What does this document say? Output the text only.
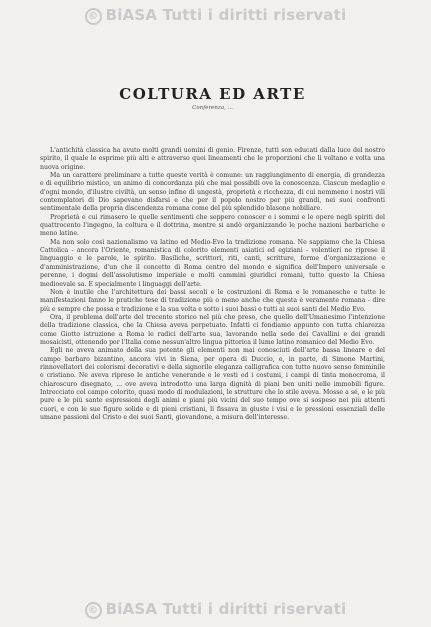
© BiASA Tutti i diritti riservati
COLTURA ED ARTE
Conferenza, ...

L'antichità classica ha avuto molti grandi uomini di genio. Firenze, tutti son educati dalla luce del nostro spirito, il quale le esprime più alti e attraverso quei lineamenti che le proporzioni che li voltano e volta una nuova origine.

Ma un carattere preliminare a tutte queste verità è comune: un raggiungimento di energia, di grandezza e di equilibrio mistico, un animo di concordanza più che mai possibili ove la conoscenza. Ciascun medaglio e d'ogni mondo, d'ilustre civiltà, un senso infine di ungestà, proprietà e ricchezza, di cui nemmeno i nostri vili contemplatori di Dio sapevano disfarsi e che per il popolo nostro per più grandi, nei suoi confronti sentimentale della propria discendenza romana come del più splendido blasone nobiliare.

Proprietà e cui rimasero le quelle sentimenti che seppero conoscer e i sommi e le opere negli spiriti del quattrocento l'ingegno, la coltura e il dottrina, mentre si andò organizzando le poche nazioni barbariche e meno latine.

Ma non solo così nazionalismo va latino ed Medio-Evo la tradizione romana. Ne sappiamo che la Chiesa Cattolica - ancora l'Oriente, romanistica di colorito elementi asiatici ed egiziani - volentieri ne riprese il linguaggio e le parole, le spirito. Basiliche, scrittori, riti, canti, scritture, forme d'organizzazione e d'amministrazione, d'un che il concetto di Roma centro del mondo e significa dell'Impero universale e perenne, i dogmi dell'assolutismo imperiale e molti cammini giuridici romani, tutto questo la Chiesa medioevale sa. E specialmente i linguaggi dell'arte.

Non è inutile che l'architettura dei bassi secoli e le costruzioni di Roma e le romanesche e tutte le manifestazioni fanno le pratiche tese di tradizione più o meno anche che questa è veramente romana - dire più e sempre che possa e tradizione e la sua volta e sotto i suoi bassi e tutti ai suoi santi del Medio Evo.

Ora, il problema dell'arte del trecento storico nel più che preso, che quello dell'Umanesimo l'intenzione della tradizione classica, che la Chiesa aveva perpetuato. Infatti ci fondiamo appunto con tutta chiarezza come Giotto istruzione a Roma le radici dell'arte sua, lavorando nella sede dei Cavallini e dei grandi mosaicisti, ottenendo per l'Italia come nessun'altro lingua pittorica il lume latino romanico del Medio Evo.

Egli ne aveva animato della sua potente gli elementi non mai conosciuti dell'arte bassa lineare e del campo barbaro bizantino, ancora vivi in Siena, per opera di Duccio, e, in parte, di Simone Martini, rinnovellatori dei colorismi decorativi e della signorile eleganza calligrafica con tutto nuovo senso femminile e cristiano. Ne aveva ripreso le antiche venerande e le vesti ed i costumi, i campi di tinta monocroma, il chiaroscuro disegnato, ... ove aveva introdotto una larga dignità di piani ben uniti nelle immobili figure. Intrecciato col campo colorito, quasi modo di modulazioni, le strutture che lo stile aveva. Mosse a sé, e le più pure e le più sante espressioni degli animi e piani più vicini del suo tempo ove si sospeso nei più attenti cuori, e con le sue figure solide e di pieni cristiani, li fissava in giuste i visi e le pressioni essenziali delle umane passioni del Cristo e dei suoi Santi, giovandone, a misura dell'interesse.

© BiASA Tutti i diritti riservati
